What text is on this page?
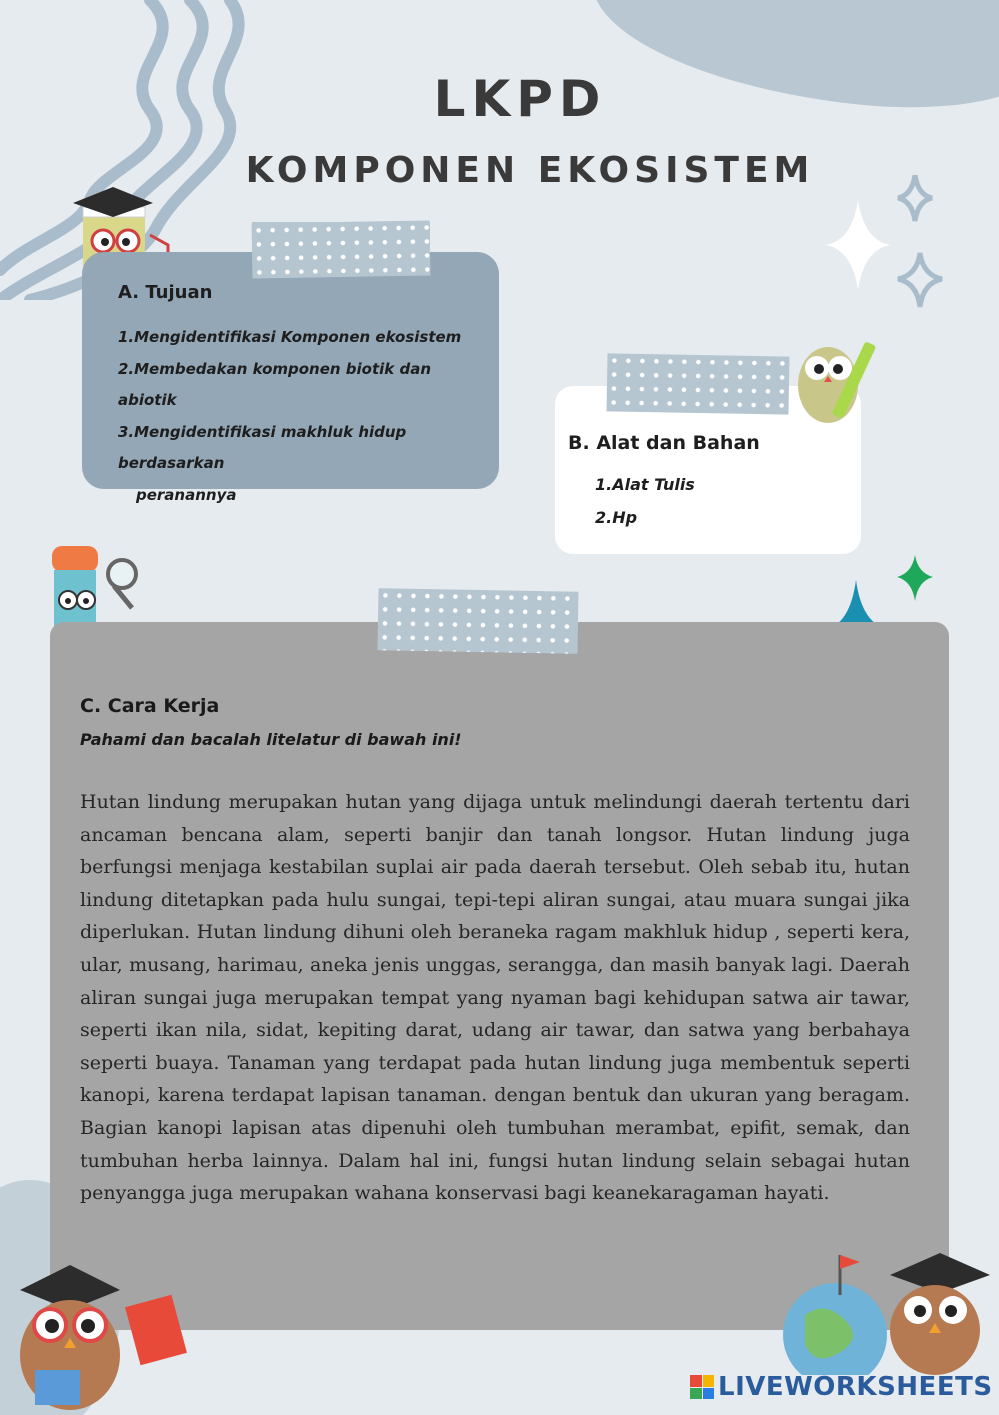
LKPD
KOMPONEN EKOSISTEM
A. Tujuan
1.Mengidentifikasi Komponen ekosistem
2.Membedakan komponen biotik dan abiotik
3.Mengidentifikasi makhluk hidup berdasarkan
peranannya
B. Alat dan Bahan
1.Alat Tulis
2.Hp
C. Cara Kerja
Pahami dan bacalah litelatur di bawah ini!
Hutan lindung merupakan hutan yang dijaga untuk melindungi daerah tertentu dari ancaman bencana alam, seperti banjir dan tanah longsor. Hutan lindung juga berfungsi menjaga kestabilan suplai air pada daerah tersebut. Oleh sebab itu, hutan lindung ditetapkan pada hulu sungai, tepi-tepi aliran sungai, atau muara sungai jika diperlukan. Hutan lindung dihuni oleh beraneka ragam makhluk hidup , seperti kera, ular, musang, harimau, aneka jenis unggas, serangga, dan masih banyak lagi. Daerah aliran sungai juga merupakan tempat yang nyaman bagi kehidupan satwa air tawar, seperti ikan nila, sidat, kepiting darat, udang air tawar, dan satwa yang berbahaya seperti buaya. Tanaman yang terdapat pada hutan lindung juga membentuk seperti kanopi, karena terdapat lapisan tanaman. dengan bentuk dan ukuran yang beragam. Bagian kanopi lapisan atas dipenuhi oleh tumbuhan merambat, epifit, semak, dan tumbuhan herba lainnya. Dalam hal ini, fungsi hutan lindung selain sebagai hutan penyangga juga merupakan wahana konservasi bagi keanekaragaman hayati.
LIVEWORKSHEETS
